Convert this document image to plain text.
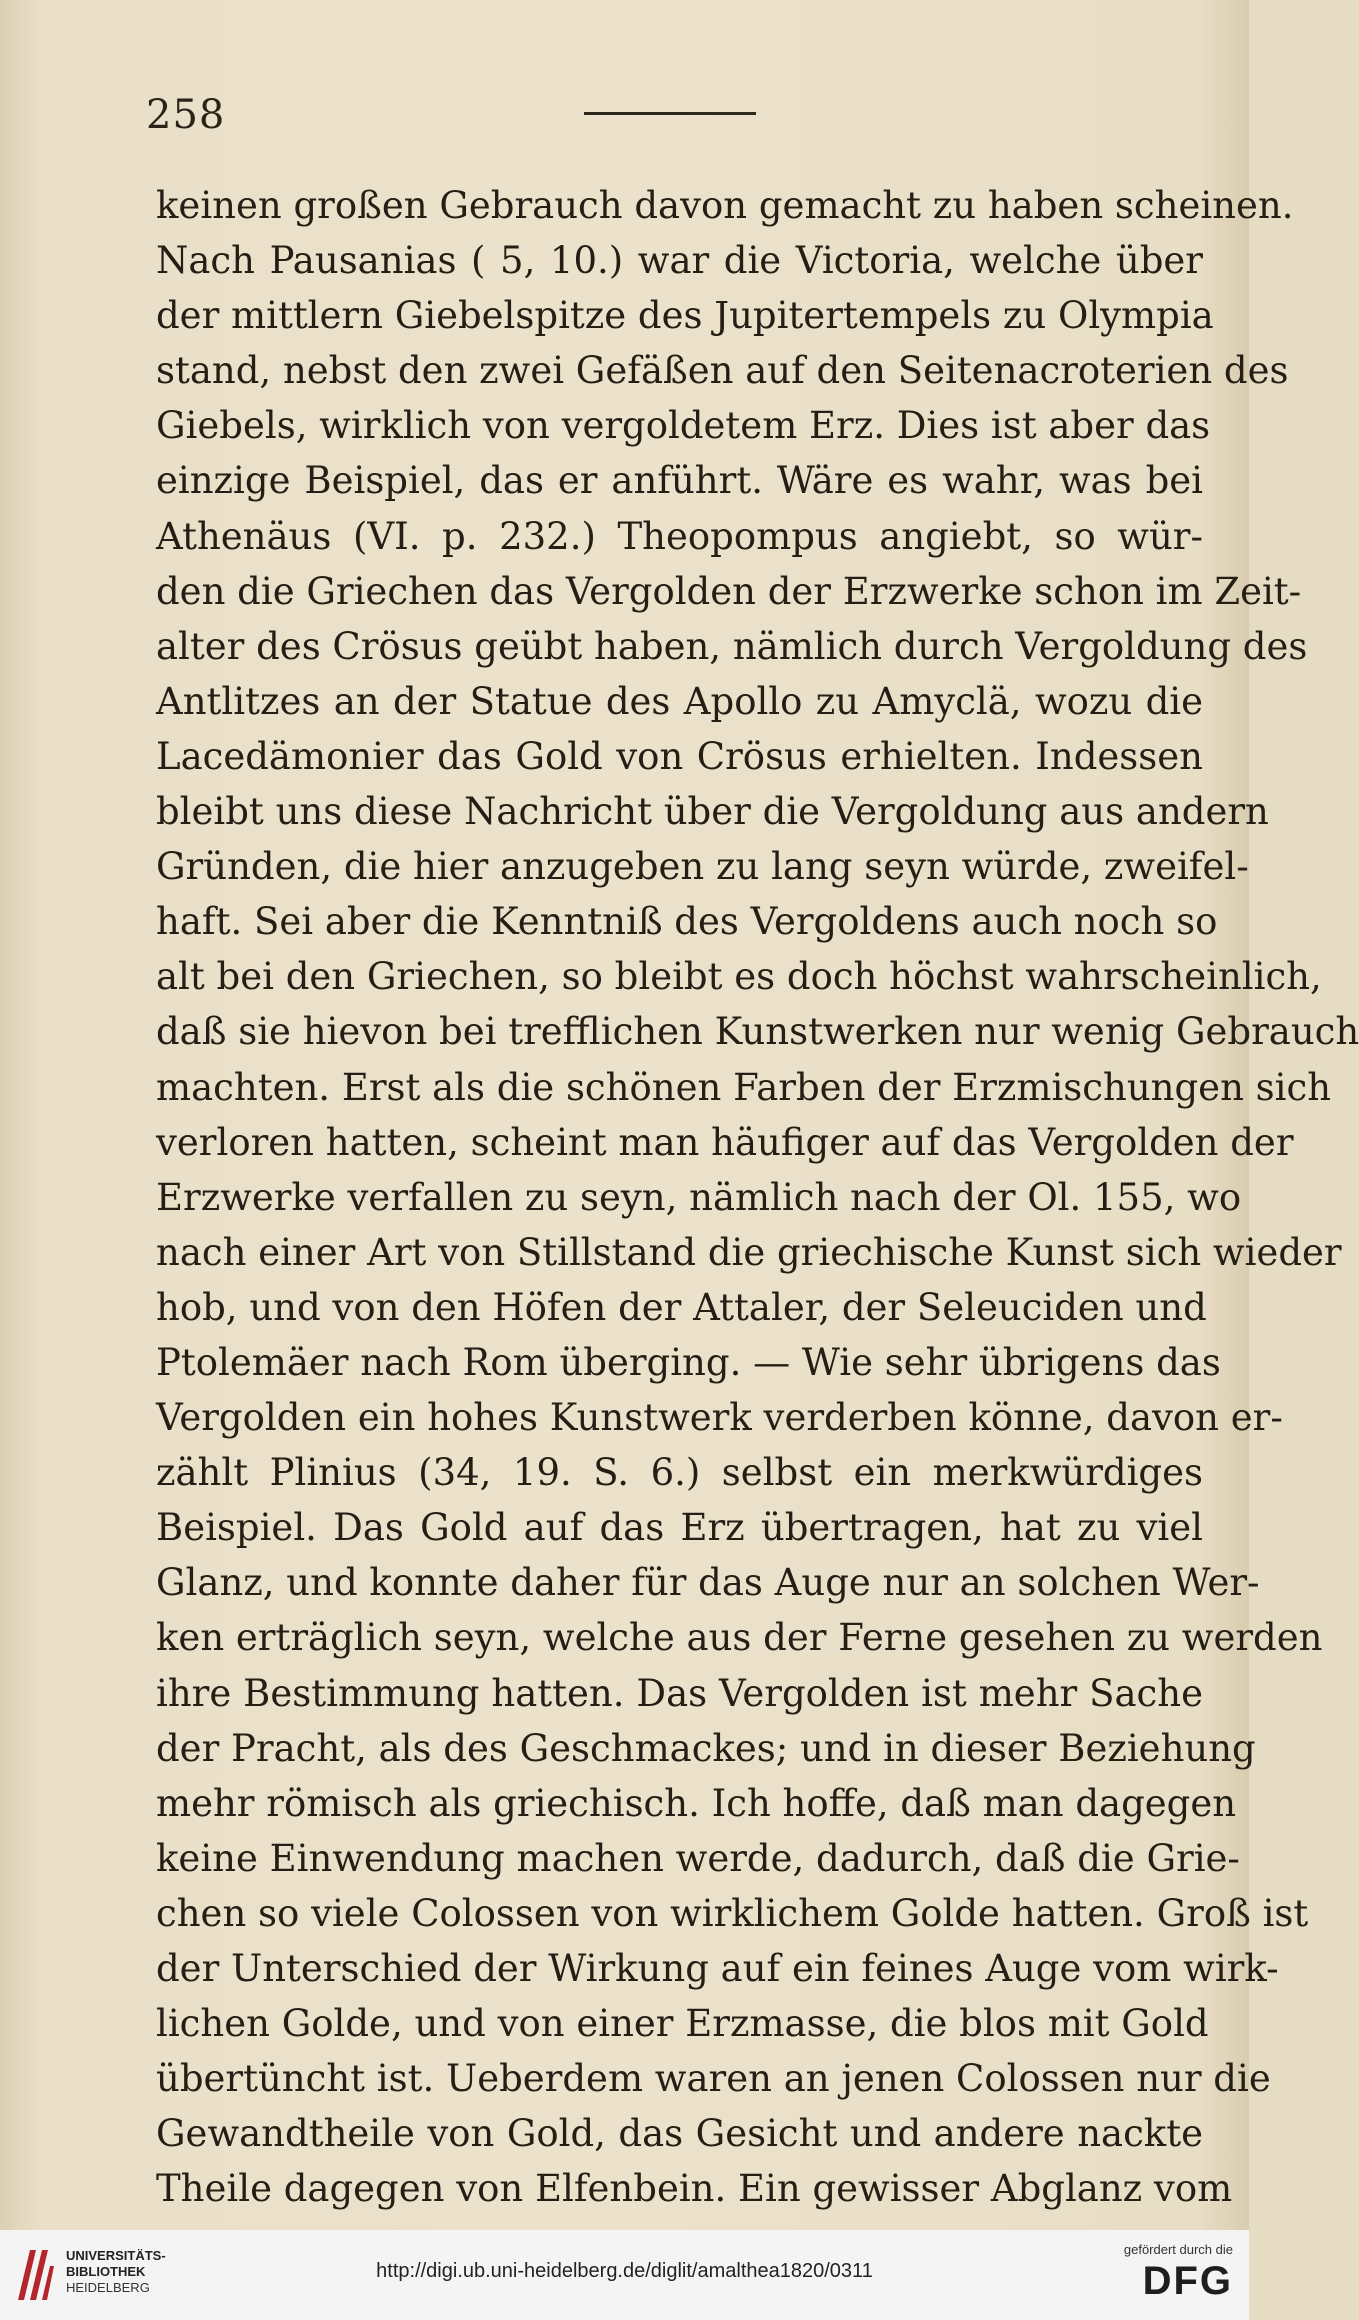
258
keinen großen Gebrauch davon gemacht zu haben scheinen.
Nach Pausanias ( 5, 10.) war die Victoria, welche über
der mittlern Giebelspitze des Jupitertempels zu Olympia
stand, nebst den zwei Gefäßen auf den Seitenacroterien des
Giebels, wirklich von vergoldetem Erz. Dies ist aber das
einzige Beispiel, das er anführt. Wäre es wahr, was bei
Athenäus (VI. p. 232.) Theopompus angiebt, so wür-
den die Griechen das Vergolden der Erzwerke schon im Zeit-
alter des Crösus geübt haben, nämlich durch Vergoldung des
Antlitzes an der Statue des Apollo zu Amyclä, wozu die
Lacedämonier das Gold von Crösus erhielten. Indessen
bleibt uns diese Nachricht über die Vergoldung aus andern
Gründen, die hier anzugeben zu lang seyn würde, zweifel-
haft. Sei aber die Kenntniß des Vergoldens auch noch so
alt bei den Griechen, so bleibt es doch höchst wahrscheinlich,
daß sie hievon bei trefflichen Kunstwerken nur wenig Gebrauch
machten. Erst als die schönen Farben der Erzmischungen sich
verloren hatten, scheint man häufiger auf das Vergolden der
Erzwerke verfallen zu seyn, nämlich nach der Ol. 155, wo
nach einer Art von Stillstand die griechische Kunst sich wieder
hob, und von den Höfen der Attaler, der Seleuciden und
Ptolemäer nach Rom überging. — Wie sehr übrigens das
Vergolden ein hohes Kunstwerk verderben könne, davon er-
zählt Plinius (34, 19. S. 6.) selbst ein merkwürdiges
Beispiel. Das Gold auf das Erz übertragen, hat zu viel
Glanz, und konnte daher für das Auge nur an solchen Wer-
ken erträglich seyn, welche aus der Ferne gesehen zu werden
ihre Bestimmung hatten. Das Vergolden ist mehr Sache
der Pracht, als des Geschmackes; und in dieser Beziehung
mehr römisch als griechisch. Ich hoffe, daß man dagegen
keine Einwendung machen werde, dadurch, daß die Grie-
chen so viele Colossen von wirklichem Golde hatten. Groß ist
der Unterschied der Wirkung auf ein feines Auge vom wirk-
lichen Golde, und von einer Erzmasse, die blos mit Gold
übertüncht ist. Ueberdem waren an jenen Colossen nur die
Gewandtheile von Gold, das Gesicht und andere nackte
Theile dagegen von Elfenbein. Ein gewisser Abglanz vom
UNIVERSITÄTS-
BIBLIOTHEK
HEIDELBERG
http://digi.ub.uni-heidelberg.de/diglit/amalthea1820/0311
gefördert durch die
DFG
